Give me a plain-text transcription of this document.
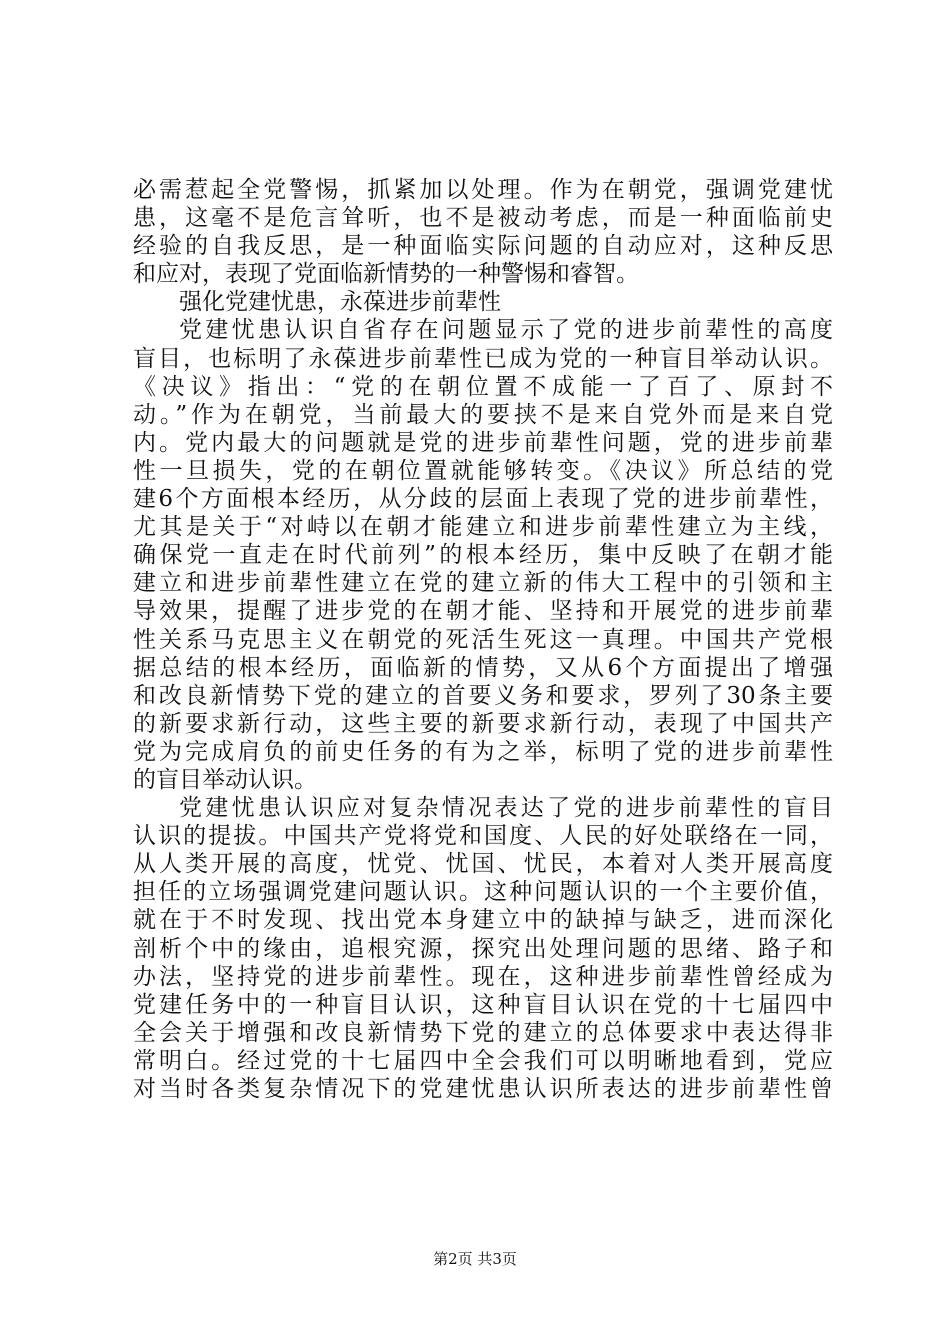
必需惹起全党警惕，抓紧加以处理。作为在朝党，强调党建忧
患，这毫不是危言耸听，也不是被动考虑，而是一种面临前史
经验的自我反思，是一种面临实际问题的自动应对，这种反思
和应对，表现了党面临新情势的一种警惕和睿智。
强化党建忧患，永葆进步前辈性
党建忧患认识自省存在问题显示了党的进步前辈性的高度
盲目，也标明了永葆进步前辈性已成为党的一种盲目举动认识。
《决议》指出：“党的在朝位置不成能一了百了、原封不
动。”作为在朝党，当前最大的要挟不是来自党外而是来自党
内。党内最大的问题就是党的进步前辈性问题，党的进步前辈
性一旦损失，党的在朝位置就能够转变。《决议》所总结的党
建6个方面根本经历，从分歧的层面上表现了党的进步前辈性，
尤其是关于“对峙以在朝才能建立和进步前辈性建立为主线，
确保党一直走在时代前列”的根本经历，集中反映了在朝才能
建立和进步前辈性建立在党的建立新的伟大工程中的引领和主
导效果，提醒了进步党的在朝才能、坚持和开展党的进步前辈
性关系马克思主义在朝党的死活生死这一真理。中国共产党根
据总结的根本经历，面临新的情势，又从6个方面提出了增强
和改良新情势下党的建立的首要义务和要求，罗列了30条主要
的新要求新行动，这些主要的新要求新行动，表现了中国共产
党为完成肩负的前史任务的有为之举，标明了党的进步前辈性
的盲目举动认识。
党建忧患认识应对复杂情况表达了党的进步前辈性的盲目
认识的提拔。中国共产党将党和国度、人民的好处联络在一同，
从人类开展的高度，忧党、忧国、忧民，本着对人类开展高度
担任的立场强调党建问题认识。这种问题认识的一个主要价值，
就在于不时发现、找出党本身建立中的缺掉与缺乏，进而深化
剖析个中的缘由，追根究源，探究出处理问题的思绪、路子和
办法，坚持党的进步前辈性。现在，这种进步前辈性曾经成为
党建任务中的一种盲目认识，这种盲目认识在党的十七届四中
全会关于增强和改良新情势下党的建立的总体要求中表达得非
常明白。经过党的十七届四中全会我们可以明晰地看到，党应
对当时各类复杂情况下的党建忧患认识所表达的进步前辈性曾
第2页 共3页
